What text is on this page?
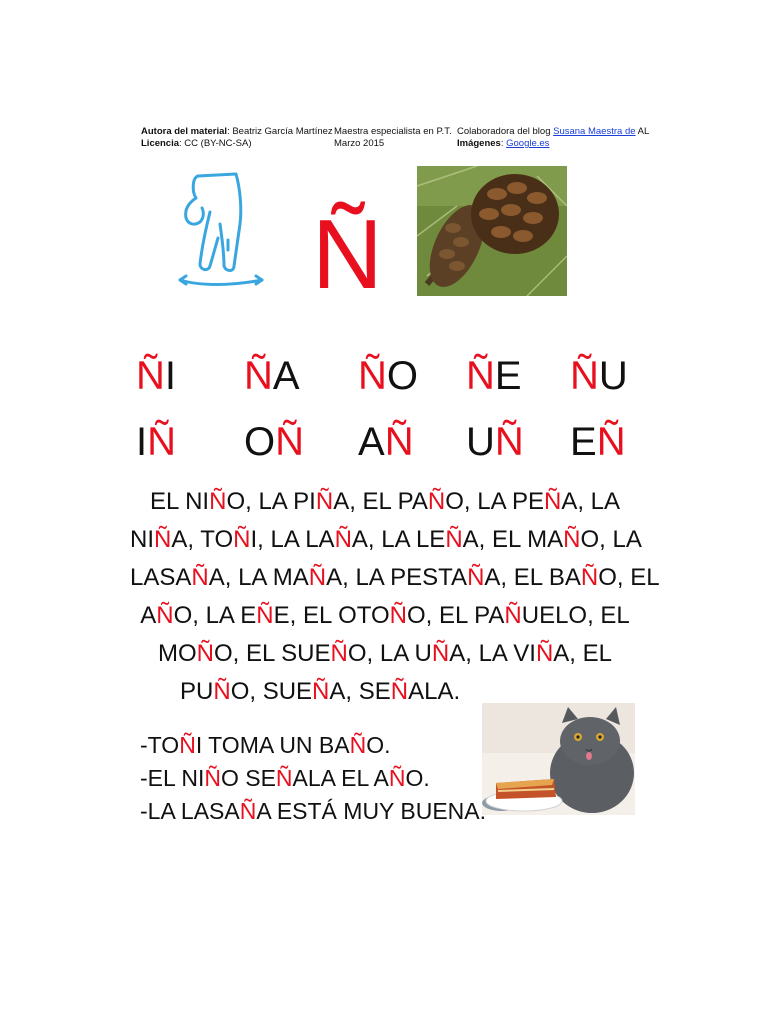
Autora del material: Beatriz García Martínez
Licencia: CC (BY-NC-SA)
Maestra especialista en P.T.
Marzo 2015
Colaboradora del blog Susana Maestra de AL
Imágenes: Google.es
Ñ
ÑI ÑA ÑO ÑE ÑU
IÑ OÑ AÑ UÑ EÑ
EL NIÑO, LA PIÑA, EL PAÑO, LA PEÑA, LA
NIÑA, TOÑI, LA LAÑA, LA LEÑA, EL MAÑO, LA
LASAÑA, LA MAÑA, LA PESTAÑA, EL BAÑO, EL
AÑO, LA EÑE, EL OTOÑO, EL PAÑUELO, EL
MOÑO, EL SUEÑO, LA UÑA, LA VIÑA, EL
PUÑO, SUEÑA, SEÑALA.
-TOÑI TOMA UN BAÑO.
-EL NIÑO SEÑALA EL AÑO.
-LA LASAÑA ESTÁ MUY BUENA.
